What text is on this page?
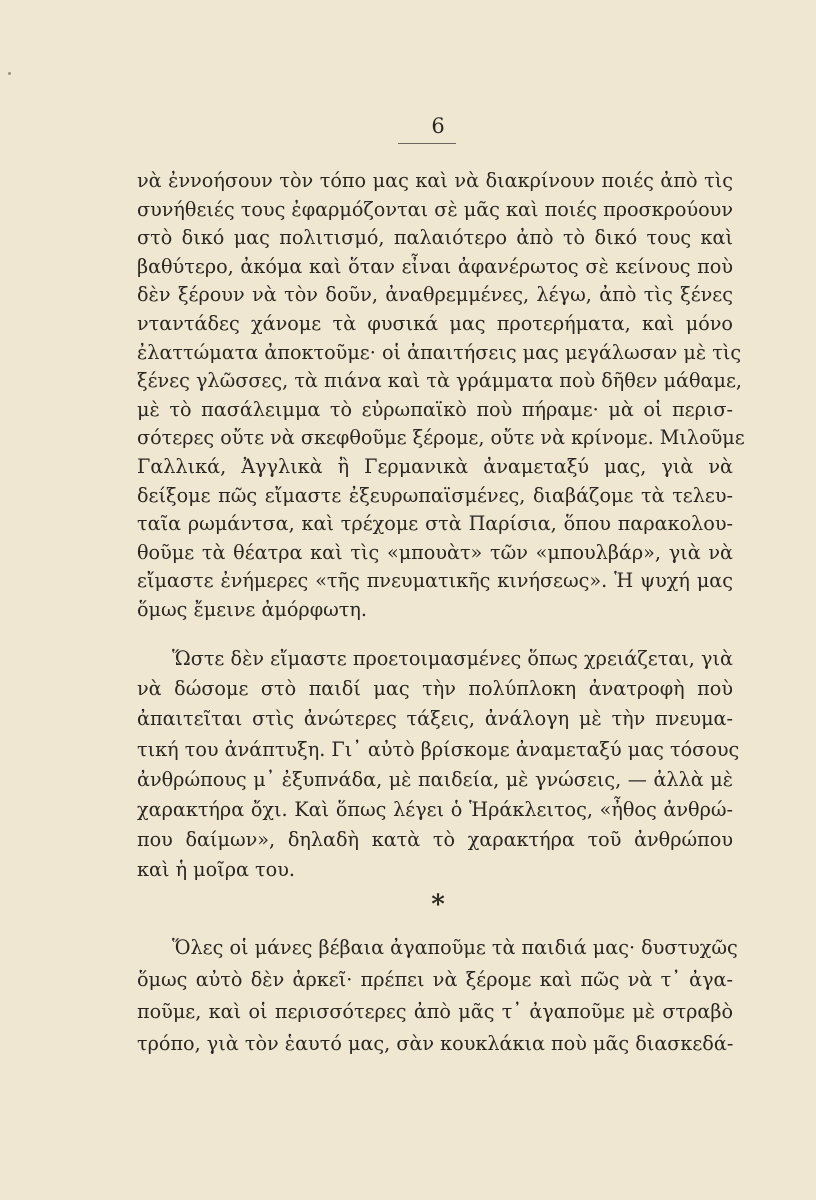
6
νὰ ἐννοήσουν τὸν τόπο μας καὶ νὰ διακρίνουν ποιές ἀπὸ τὶς
συνήθειές τους ἐφαρμόζονται σὲ μᾶς καὶ ποιές προσκρούουν
στὸ δικό μας πολιτισμό, παλαιότερο ἀπὸ τὸ δικό τους καὶ
βαθύτερο, ἀκόμα καὶ ὅταν εἶναι ἀφανέρωτος σὲ κείνους ποὺ
δὲν ξέρουν νὰ τὸν δοῦν, ἀναθρεμμένες, λέγω, ἀπὸ τὶς ξένες
νταντάδες χάνομε τὰ φυσικά μας προτερήματα, καὶ μόνο
ἐλαττώματα ἀποκτοῦμε· οἱ ἀπαιτήσεις μας μεγάλωσαν μὲ τὶς
ξένες γλῶσσες, τὰ πιάνα καὶ τὰ γράμματα ποὺ δῆθεν μάθαμε,
μὲ τὸ πασάλειμμα τὸ εὐρωπαϊκὸ ποὺ πήραμε· μὰ οἱ περισ-
σότερες οὔτε νὰ σκεφθοῦμε ξέρομε, οὔτε νὰ κρίνομε. Μιλοῦμε
Γαλλικά, Ἀγγλικὰ ἢ Γερμανικὰ ἀναμεταξύ μας, γιὰ νὰ
δείξομε πῶς εἴμαστε ἐξευρωπαϊσμένες, διαβάζομε τὰ τελευ-
ταῖα ρωμάντσα, καὶ τρέχομε στὰ Παρίσια, ὅπου παρακολου-
θοῦμε τὰ θέατρα καὶ τὶς «μπουὰτ» τῶν «μπουλβάρ», γιὰ νὰ
εἴμαστε ἐνήμερες «τῆς πνευματικῆς κινήσεως». Ἡ ψυχή μας
ὅμως ἔμεινε ἀμόρφωτη.
Ὥστε δὲν εἴμαστε προετοιμασμένες ὅπως χρειάζεται, γιὰ
νὰ δώσομε στὸ παιδί μας τὴν πολύπλοκη ἀνατροφὴ ποὺ
ἀπαιτεῖται στὶς ἀνώτερες τάξεις, ἀνάλογη μὲ τὴν πνευμα-
τική του ἀνάπτυξη. Γι᾽ αὐτὸ βρίσκομε ἀναμεταξύ μας τόσους
ἀνθρώπους μ᾽ ἐξυπνάδα, μὲ παιδεία, μὲ γνώσεις, — ἀλλὰ μὲ
χαρακτήρα ὄχι. Καὶ ὅπως λέγει ὁ Ἡράκλειτος, «ἦθος ἀνθρώ-
που δαίμων», δηλαδὴ κατὰ τὸ χαρακτήρα τοῦ ἀνθρώπου
καὶ ἡ μοῖρα του.
*
Ὅλες οἱ μάνες βέβαια ἀγαποῦμε τὰ παιδιά μας· δυστυχῶς
ὅμως αὐτὸ δὲν ἀρκεῖ· πρέπει νὰ ξέρομε καὶ πῶς νὰ τ᾽ ἀγα-
ποῦμε, καὶ οἱ περισσότερες ἀπὸ μᾶς τ᾽ ἀγαποῦμε μὲ στραβὸ
τρόπο, γιὰ τὸν ἑαυτό μας, σὰν κουκλάκια ποὺ μᾶς διασκεδά-
